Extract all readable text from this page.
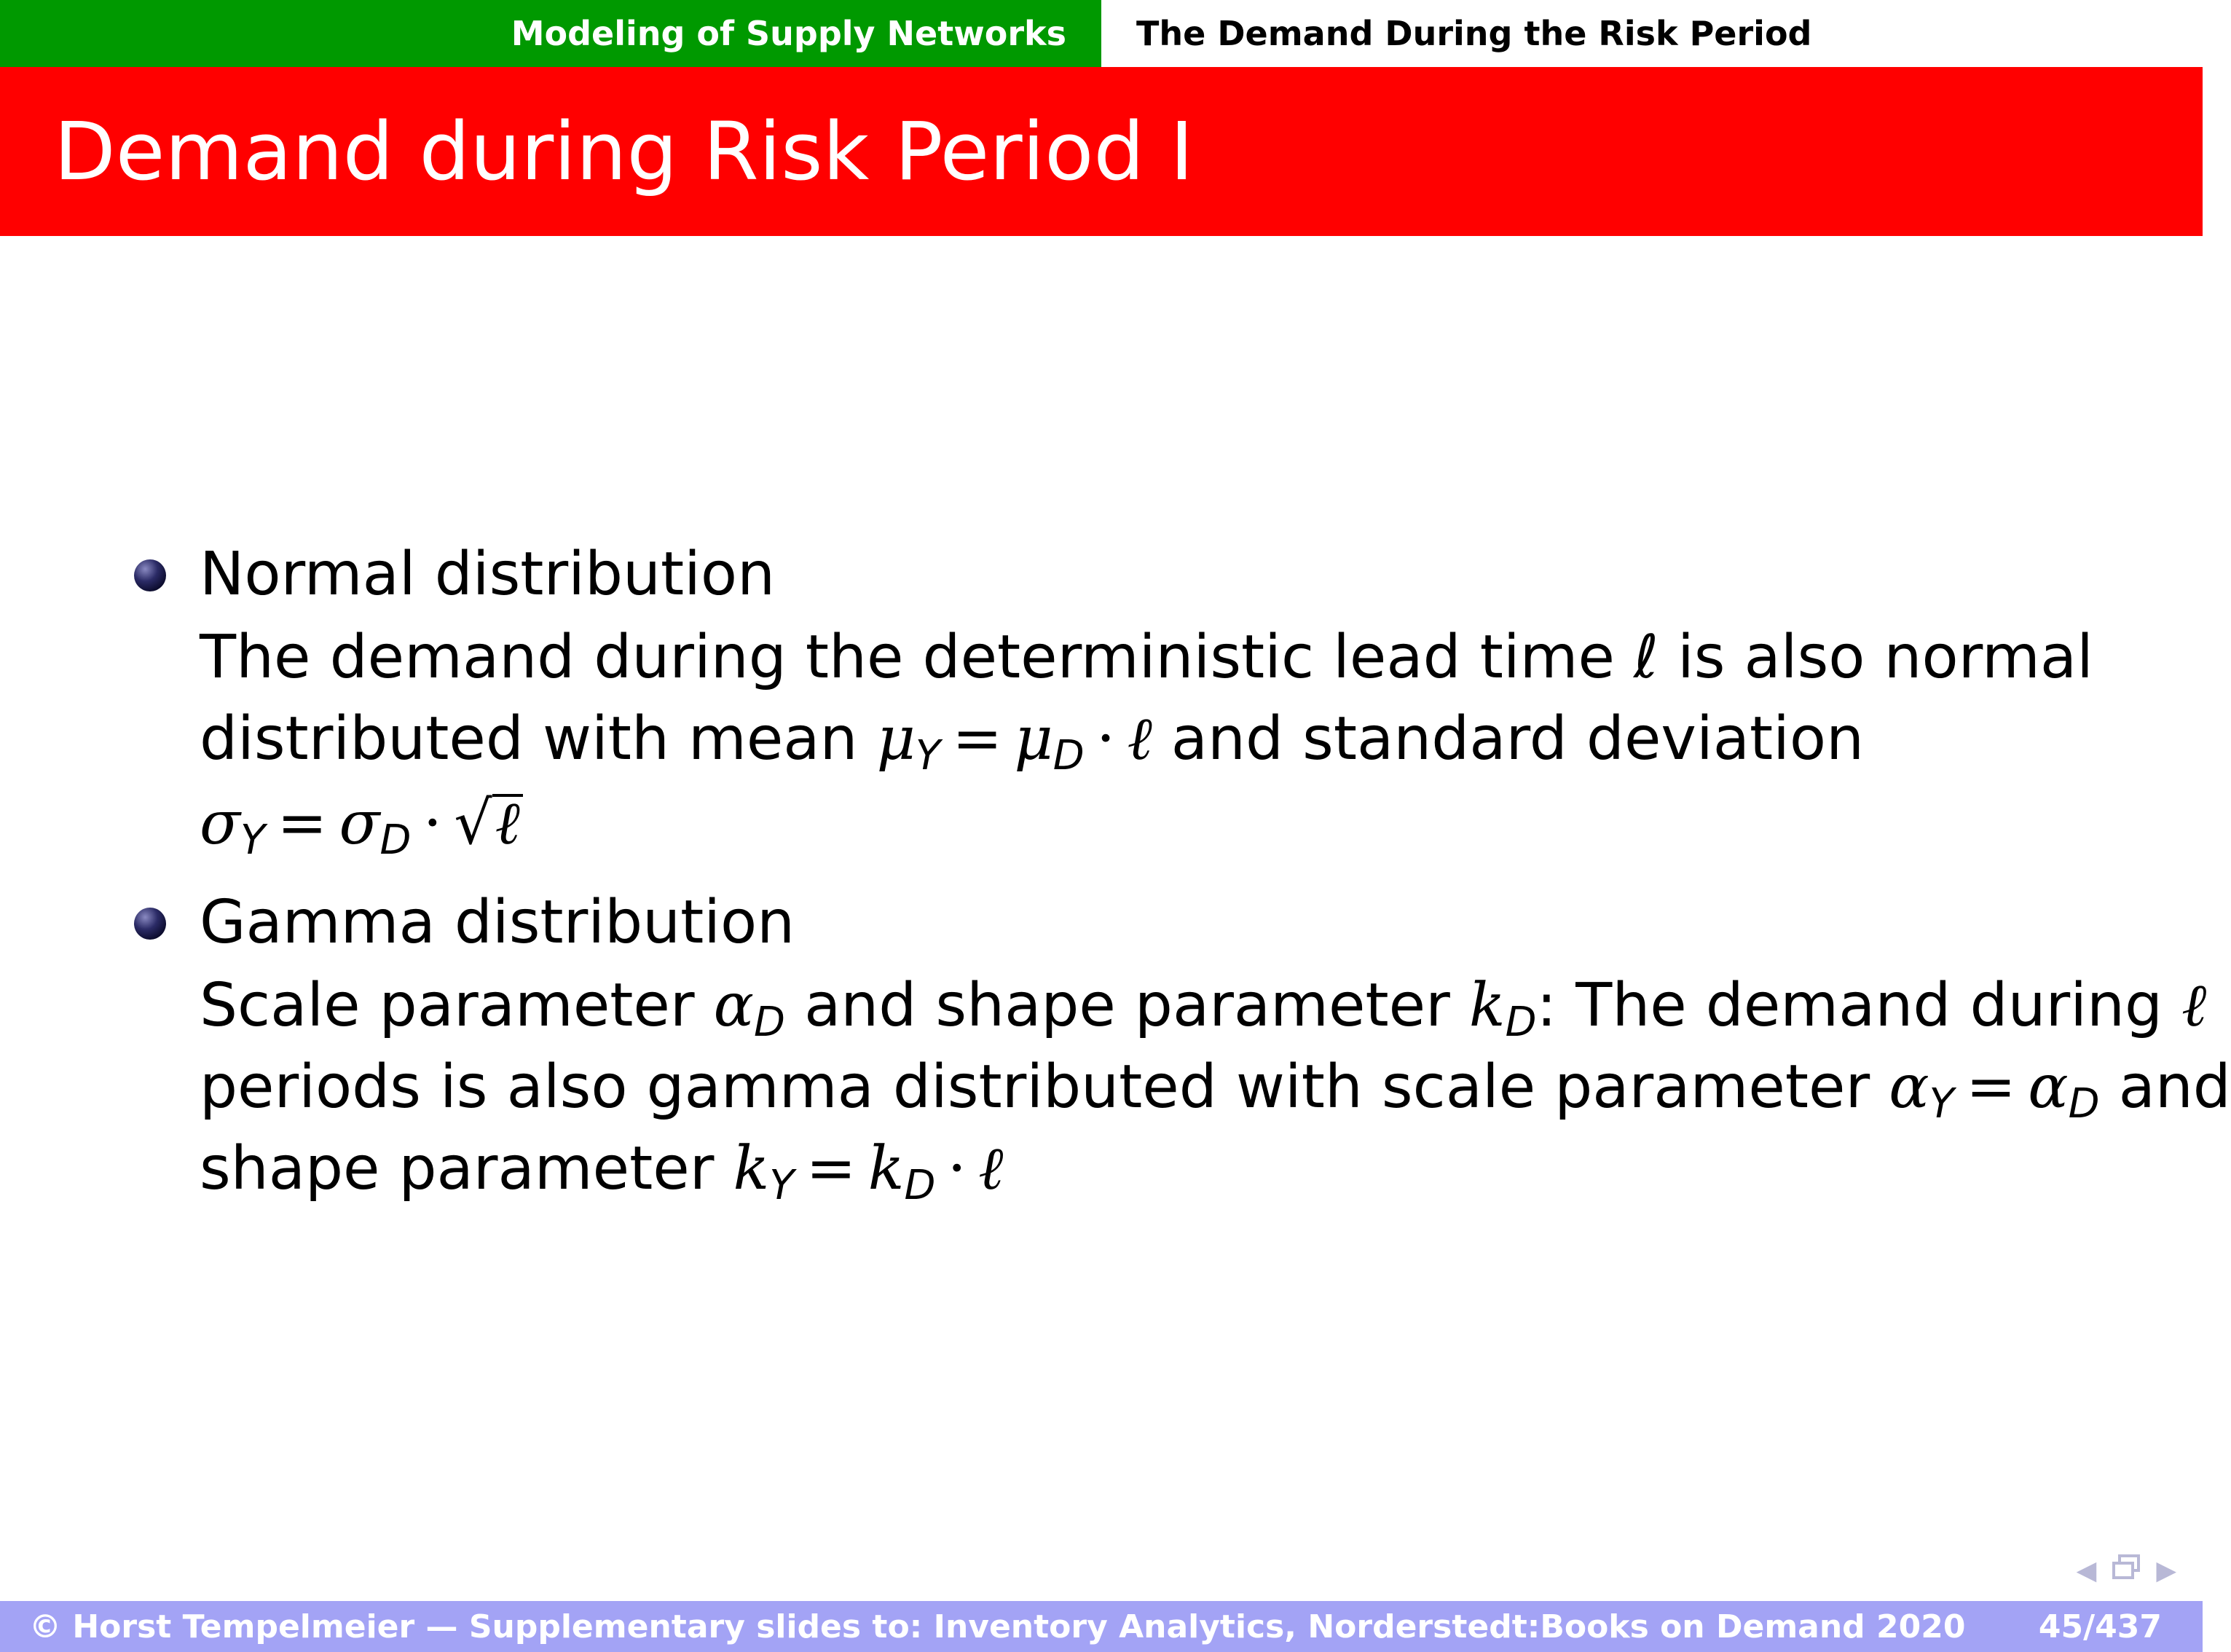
Modeling of Supply Networks The Demand During the Risk Period
Demand during Risk Period I
Normal distribution
The demand during the deterministic lead time ℓ is also normal
distributed with mean $\mu_Y = \mu_D$ · ℓ and standard deviation
$\sigma_Y = \sigma_D$ · √ℓ
Gamma distribution
Scale parameter $\alpha_D$ and shape parameter $k_D$: The demand during ℓ
periods is also gamma distributed with scale parameter $\alpha_Y = \alpha_D$ and
shape parameter $k_Y = k_D$ · ℓ
◀ ▶
© Horst Tempelmeier — Supplementary slides to: Inventory Analytics, Norderstedt:Books on Demand 2020 45/437
